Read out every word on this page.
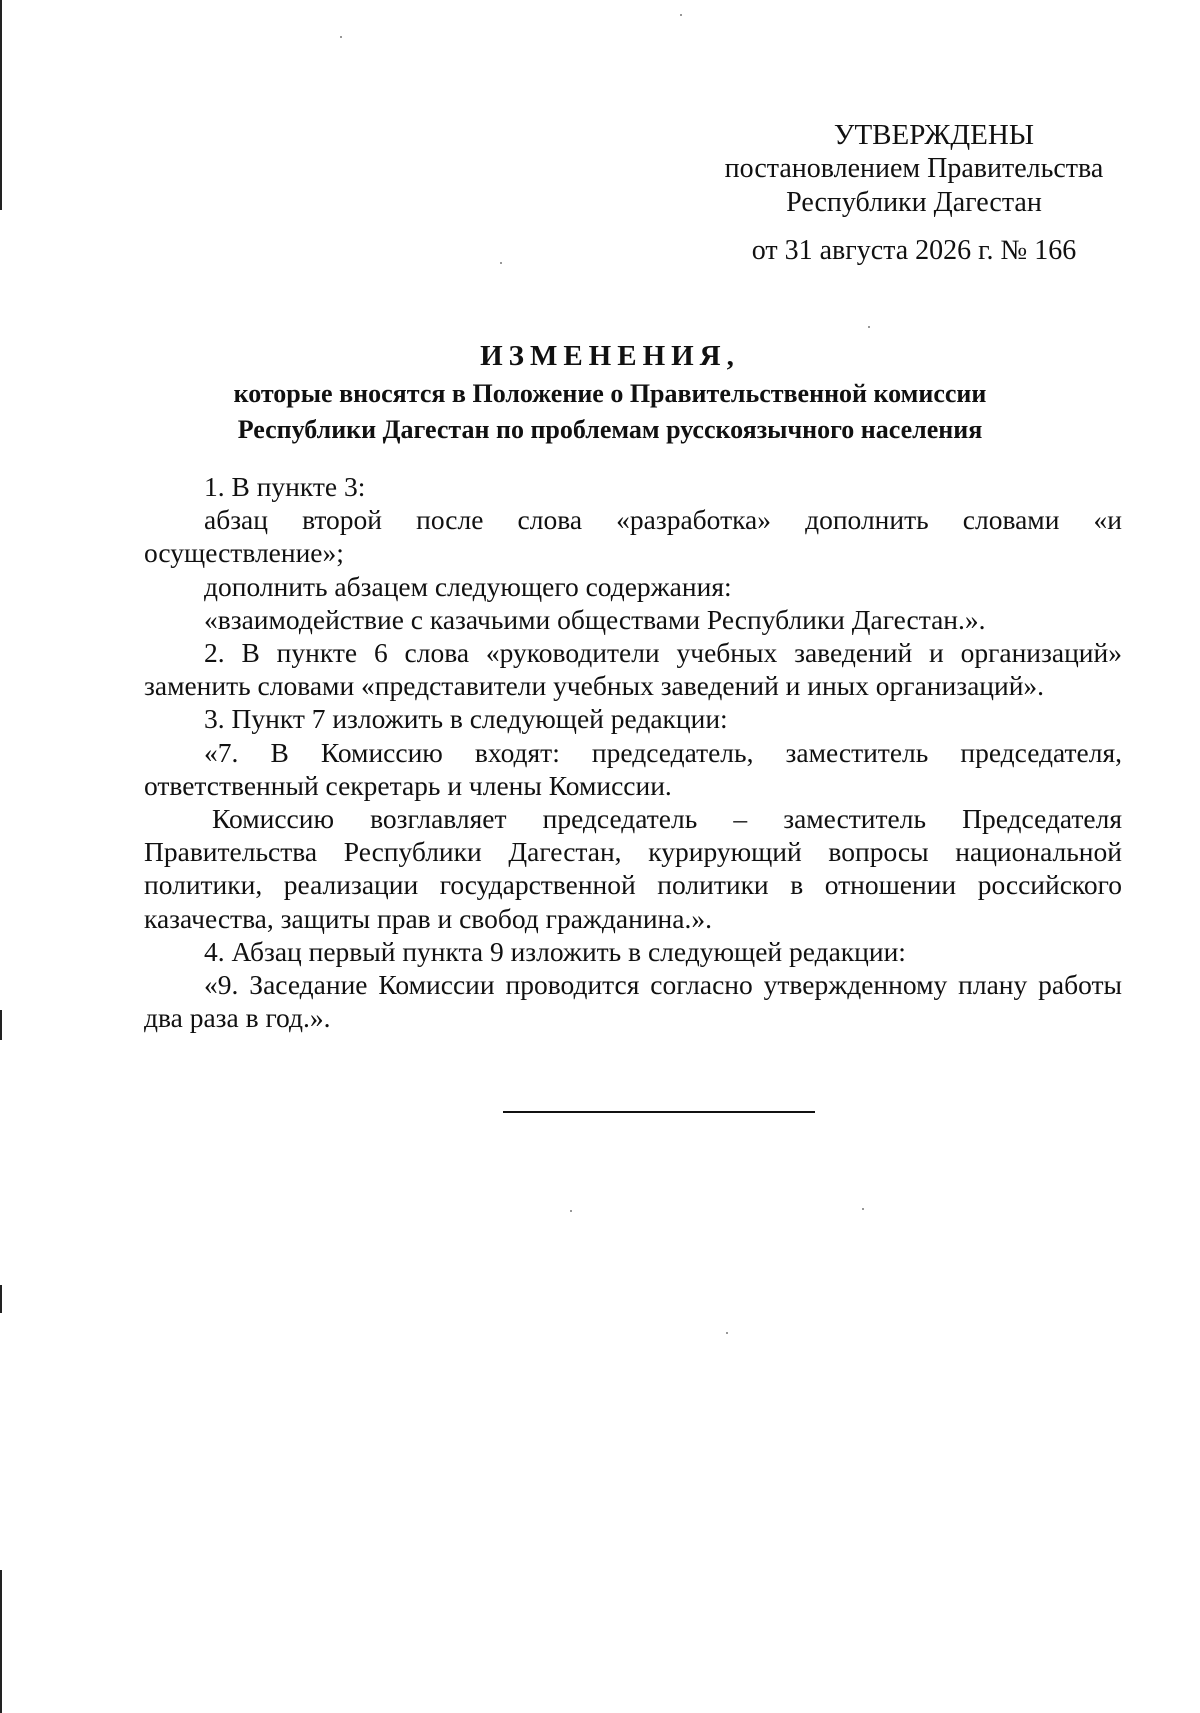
УТВЕРЖДЕНЫ
постановлением Правительства
Республики Дагестан
от 31 августа 2026 г. № 166
ИЗМЕНЕНИЯ,
которые вносятся в Положение о Правительственной комиссии
Республики Дагестан по проблемам русскоязычного населения

1. В пункте 3:

абзац второй после слова «разработка» дополнить словами «и осуществление»;

дополнить абзацем следующего содержания:

«взаимодействие с казачьими обществами Республики Дагестан.».

2. В пункте 6 слова «руководители учебных заведений и организаций» заменить словами «представители учебных заведений и иных организаций».

3. Пункт 7 изложить в следующей редакции:

«7. В Комиссию входят: председатель, заместитель председателя, ответственный секретарь и члены Комиссии.

Комиссию возглавляет председатель – заместитель Председателя Правительства Республики Дагестан, курирующий вопросы национальной политики, реализации государственной политики в отношении российского казачества, защиты прав и свобод гражданина.».

4. Абзац первый пункта 9 изложить в следующей редакции:

«9. Заседание Комиссии проводится согласно утвержденному плану работы два раза в год.».
